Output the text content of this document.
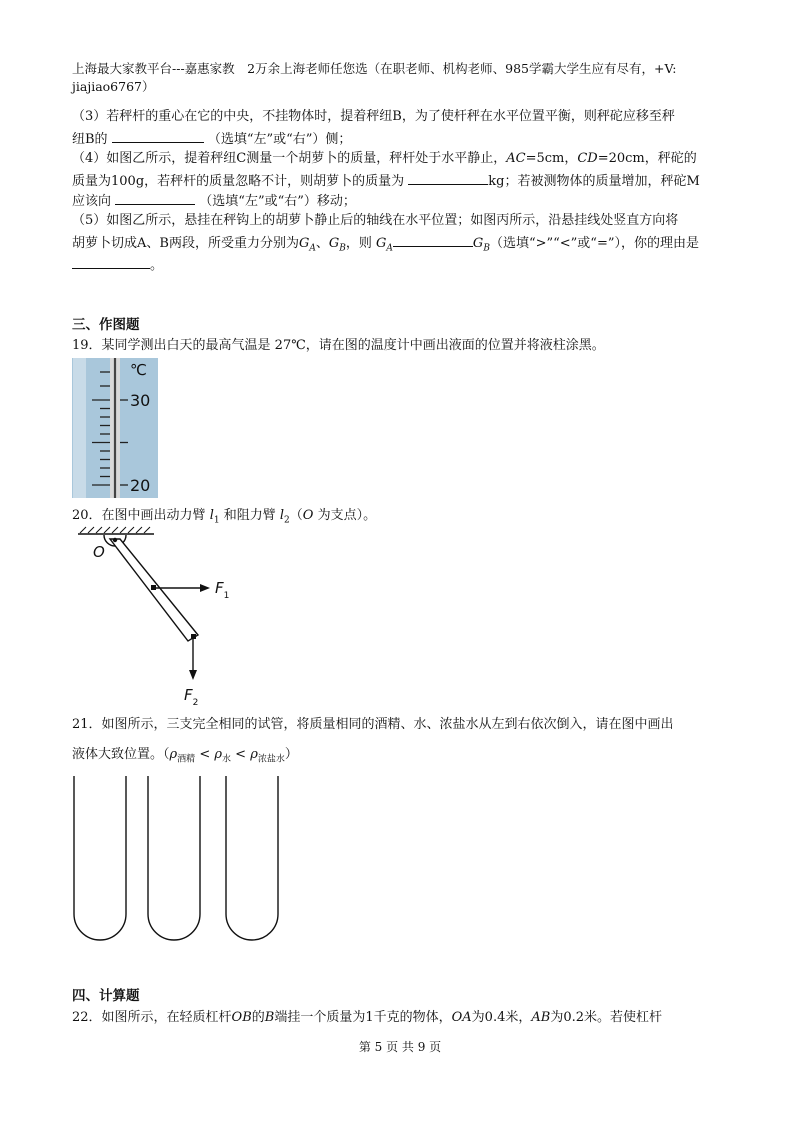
上海最大家教平台---嘉惠家教　2万余上海老师任您选（在职老师、机构老师、985学霸大学生应有尽有，+V:
jiajiao6767）
（3）若秤杆的重心在它的中央，不挂物体时，提着秤纽B，为了使杆秤在水平位置平衡，则秤砣应移至秤
纽B的	（选填“左”或“右”）侧；
（4）如图乙所示，提着秤纽C测量一个胡萝卜的质量，秤杆处于水平静止，AC=5cm，CD=20cm，秤砣的
质量为100g，若秤杆的质量忽略不计，则胡萝卜的质量为	kg；若被测物体的质量增加，秤砣M
应该向	（选填“左”或“右”）移动；
（5）如图乙所示，悬挂在秤钩上的胡萝卜静止后的轴线在水平位置；如图丙所示，沿悬挂线处竖直方向将
胡萝卜切成A、B两段，所受重力分别为$G_A$、$G_B$，则 $G_A$	$G_B$（选填“>”“<”或“=”），你的理由是
。
三、作图题
19．某同学测出白天的最高气温是 27℃，请在图的温度计中画出液面的位置并将液柱涂黑。
℃
30
20
20．在图中画出动力臂 $l_1$ 和阻力臂 $l_2(O$ 为支点）。
O
$F_1$
$F_2$
21．如图所示，三支完全相同的试管，将质量相同的酒精、水、浓盐水从左到右依次倒入，请在图中画出
液体大致位置。$(\rho_{酒精} < \rho_水 < \rho_{浓盐水})$
四、计算题
22．如图所示，在轻质杠杆OB的B端挂一个质量为1千克的物体，OA为0.4米，AB为0.2米。若使杠杆
第 5 页 共 9 页
